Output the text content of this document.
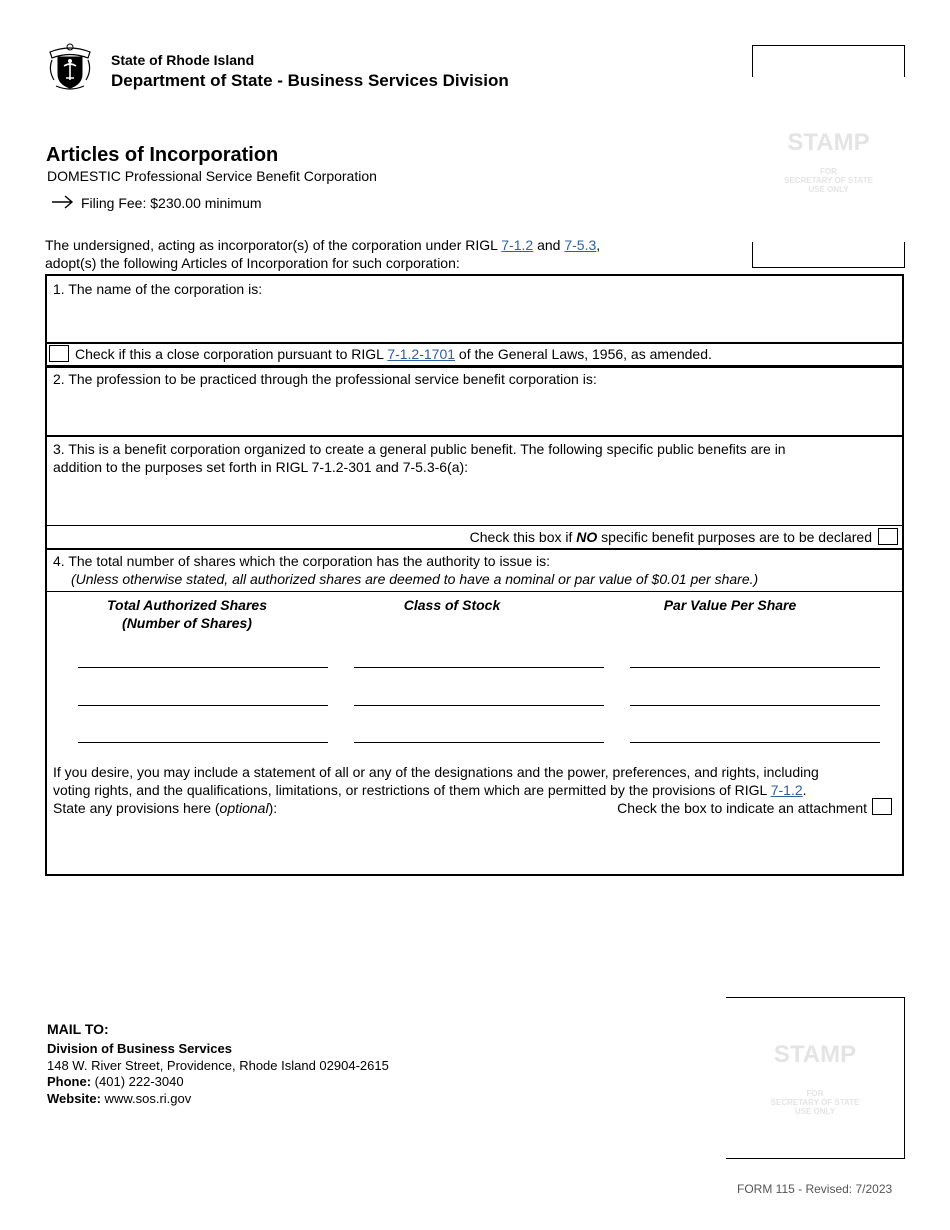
State of Rhode Island
Department of State - Business Services Division
STAMP
FOR
SECRETARY OF STATE
USE ONLY
Articles of Incorporation
DOMESTIC Professional Service Benefit Corporation
Filing Fee: $230.00 minimum
The undersigned, acting as incorporator(s) of the corporation under RIGL 7-1.2 and 7-5.3,
adopt(s) the following Articles of Incorporation for such corporation:
1. The name of the corporation is:
Check if this a close corporation pursuant to RIGL 7-1.2-1701 of the General Laws, 1956, as amended.
2. The profession to be practiced through the professional service benefit corporation is:
3. This is a benefit corporation organized to create a general public benefit. The following specific public benefits are in
addition to the purposes set forth in RIGL 7-1.2-301 and 7-5.3-6(a):
Check this box if NO specific benefit purposes are to be declared
4. The total number of shares which the corporation has the authority to issue is:
(Unless otherwise stated, all authorized shares are deemed to have a nominal or par value of $0.01 per share.)
Total Authorized Shares
(Number of Shares)
Class of Stock	Par Value Per Share
If you desire, you may include a statement of all or any of the designations and the power, preferences, and rights, including
voting rights, and the qualifications, limitations, or restrictions of them which are permitted by the provisions of RIGL 7-1.2.
State any provisions here (optional):	Check the box to indicate an attachment
MAIL TO:
Division of Business Services
148 W. River Street, Providence, Rhode Island 02904-2615
Phone: (401) 222-3040
Website: www.sos.ri.gov
STAMP
FOR
SECRETARY OF STATE
USE ONLY
FORM 115 - Revised: 7/2023
